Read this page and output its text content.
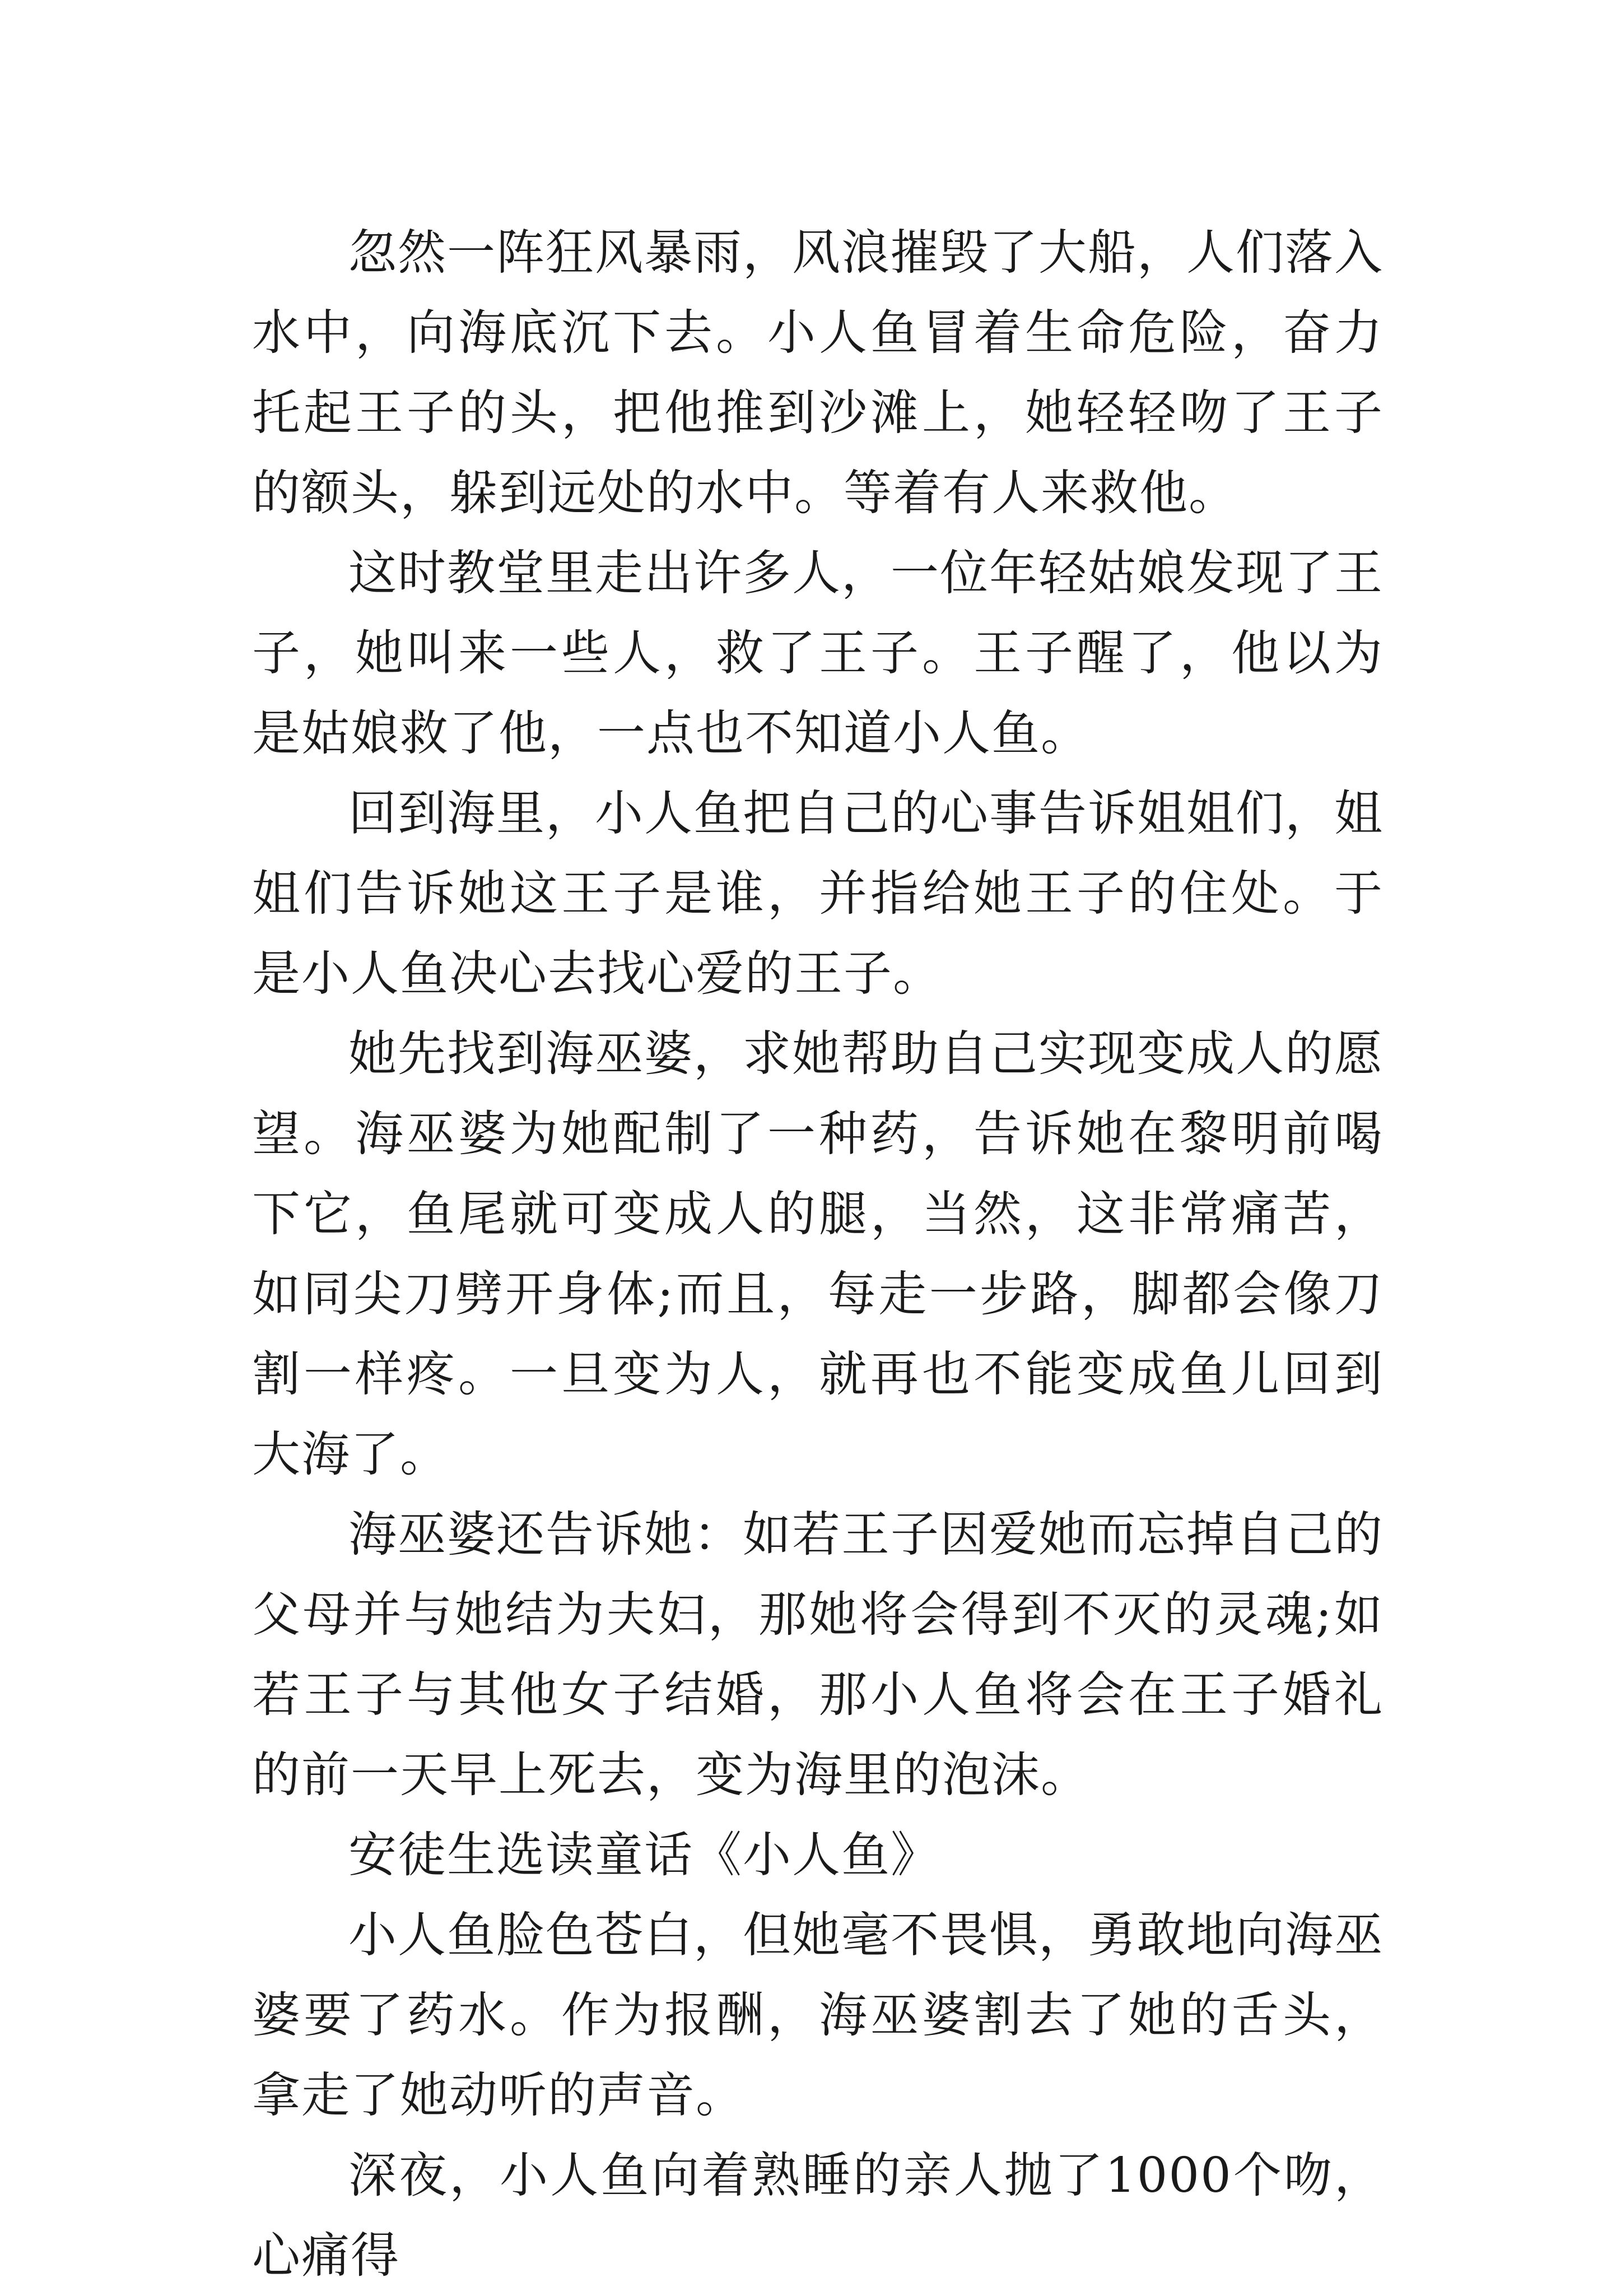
忽然一阵狂风暴雨，风浪摧毁了大船，人们落入水中，向海底沉下去。小人鱼冒着生命危险，奋力托起王子的头，把他推到沙滩上，她轻轻吻了王子的额头，躲到远处的水中。等着有人来救他。

这时教堂里走出许多人，一位年轻姑娘发现了王子，她叫来一些人，救了王子。王子醒了，他以为是姑娘救了他，一点也不知道小人鱼。

回到海里，小人鱼把自己的心事告诉姐姐们，姐姐们告诉她这王子是谁，并指给她王子的住处。于是小人鱼决心去找心爱的王子。

她先找到海巫婆，求她帮助自己实现变成人的愿望。海巫婆为她配制了一种药，告诉她在黎明前喝下它，鱼尾就可变成人的腿，当然，这非常痛苦，如同尖刀劈开身体;而且，每走一步路，脚都会像刀割一样疼。一旦变为人，就再也不能变成鱼儿回到大海了。

海巫婆还告诉她：如若王子因爱她而忘掉自己的父母并与她结为夫妇，那她将会得到不灭的灵魂;如若王子与其他女子结婚，那小人鱼将会在王子婚礼的前一天早上死去，变为海里的泡沫。

安徒生选读童话《小人鱼》

小人鱼脸色苍白，但她毫不畏惧，勇敢地向海巫婆要了药水。作为报酬，海巫婆割去了她的舌头，拿走了她动听的声音。

深夜，小人鱼向着熟睡的亲人抛了1000个吻，心痛得
